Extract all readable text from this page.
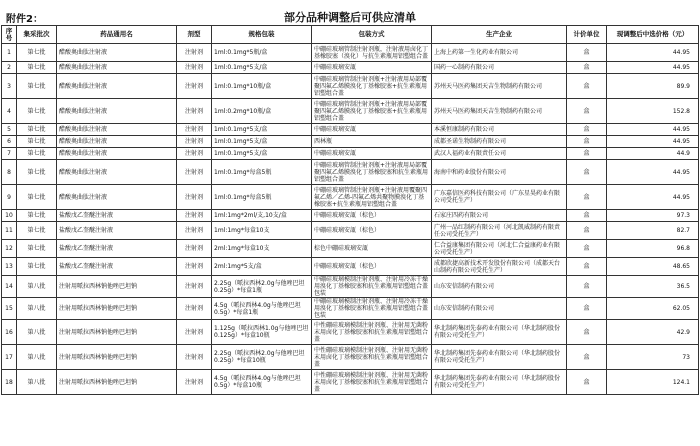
附件2：	部分品种调整后可供应清单
序号	集采批次	药品通用名	剂型	规格包装	包装方式	生产企业	计价单位	现调整后中选价格（元）
1	第七批	醋酸奥曲肽注射液	注射剂	1ml:0.1mg*5瓶/盒	中硼硅玻璃管制注射剂瓶，注射液用卤化丁基橡胶塞（溴化）与抗生素瓶用铝塑组合盖	上海上药第一生化药业有限公司	盒	44.95
2	第七批	醋酸奥曲肽注射液	注射剂	1ml:0.1mg*5支/盒	中硼硅玻璃安瓿	国药一心制药有限公司	盒	44.95
3	第七批	醋酸奥曲肽注射液	注射剂	1ml:0.1mg*10瓶/盒	中硼硅玻璃管制注射剂瓶+注射液用局部覆聚四氟乙烯膜溴化丁基橡胶塞+抗生素瓶用铝塑组合盖	苏州天马医药集团天吉生物制药有限公司	盒	89.9
4	第七批	醋酸奥曲肽注射液	注射剂	1ml:0.2mg*10瓶/盒	中硼硅玻璃管制注射剂瓶+注射液用局部覆聚四氟乙烯膜溴化丁基橡胶塞+抗生素瓶用铝塑组合盖	苏州天马医药集团天吉生物制药有限公司	盒	152.8
5	第七批	醋酸奥曲肽注射液	注射剂	1ml:0.1mg*5支/盒	中硼硅玻璃安瓿	本溪恒康制药有限公司	盒	44.95
6	第七批	醋酸奥曲肽注射液	注射剂	1ml:0.1mg*5支/盒	西林瓶	成都圣诺生物制药有限公司	盒	44.95
7	第七批	醋酸奥曲肽注射液	注射剂	1ml:0.1mg*5支/盒	中硼硅玻璃安瓿	武汉人福药业有限责任公司	盒	44.9
8	第七批	醋酸奥曲肽注射液	注射剂	1ml:0.1mg*每盒5瓶	中硼硅玻璃管制注射剂瓶+注射液用局部覆聚四氟乙烯膜溴化丁基橡胶塞和抗生素瓶用铝塑组合盖	海南中和药业股份有限公司	盒	44.95
9	第七批	醋酸奥曲肽注射液	注射剂	1ml:0.1mg*每盒5瓶	中硼硅玻璃管制注射剂瓶+注射液用覆聚四氟乙烯／乙烯-四氟乙烯共聚物膜溴化丁基橡胶塞+抗生素瓶用铝塑组合盖	广东嘉信医药科技有限公司（广东星昊药业有限公司受托生产）	盒	44.95
10	第七批	盐酸戊乙奎醚注射液	注射剂	1ml:1mg*2ml/支,10支/盒	中硼硅玻璃安瓿（棕色）	石家庄四药有限公司	盒	97.3
11	第七批	盐酸戊乙奎醚注射液	注射剂	1ml:1mg*每盒10支	中硼硅玻璃安瓿（棕色）	广州一品红制药有限公司（河北凯威制药有限责任公司受托生产）	盒	82.7
12	第七批	盐酸戊乙奎醚注射液	注射剂	2ml:1mg*每盒10支	棕色中硼硅玻璃安瓿	仁合益康集团有限公司（河北仁合益康药业有限公司受托生产）	盒	96.8
13	第七批	盐酸戊乙奎醚注射液	注射剂	2ml:1mg*5支/盒	中硼硅玻璃安瓿（棕色）	成都欣捷高新技术开发股份有限公司（成都天台山制药有限公司受托生产）	盒	48.65
14	第八批	注射用哌拉西林钠他唑巴坦钠	注射剂	2.25g（哌拉西林2.0g与他唑巴坦0.25g）*每盒1瓶	中硼硅玻璃模制注射剂瓶、注射用冷冻干燥用溴化丁基橡胶塞和抗生素瓶用铝塑组合盖包装	山东安信制药有限公司	盒	36.5
15	第八批	注射用哌拉西林钠他唑巴坦钠	注射剂	4.5g（哌拉西林4.0g与他唑巴坦0.5g）*每盒1瓶	中硼硅玻璃模制注射剂瓶、注射用冷冻干燥用溴化丁基橡胶塞和抗生素瓶用铝塑组合盖包装	山东安信制药有限公司	盒	62.05
16	第八批	注射用哌拉西林钠他唑巴坦钠	注射剂	1.125g（哌拉西林1.0g与他唑巴坦0.125g）*每盒10瓶	中性硼硅玻璃模制注射剂瓶、注射用无菌粉末用卤化丁基橡胶塞和抗生素瓶用铝塑组合盖	华北制药集团先泰药业有限公司（华北制药股份有限公司受托生产）	盒	42.9
17	第八批	注射用哌拉西林钠他唑巴坦钠	注射剂	2.25g（哌拉西林2.0g与他唑巴坦0.25g）*每盒10瓶	中性硼硅玻璃模制注射剂瓶、注射用无菌粉末用卤化丁基橡胶塞和抗生素瓶用铝塑组合盖	华北制药集团先泰药业有限公司（华北制药股份有限公司受托生产）	盒	73
18	第八批	注射用哌拉西林钠他唑巴坦钠	注射剂	4.5g（哌拉西林4.0g与他唑巴坦0.5g）*每盒10瓶	中性硼硅玻璃模制注射剂瓶、注射用无菌粉末用卤化丁基橡胶塞和抗生素瓶用铝塑组合盖	华北制药集团先泰药业有限公司（华北制药股份有限公司受托生产）	盒	124.1
